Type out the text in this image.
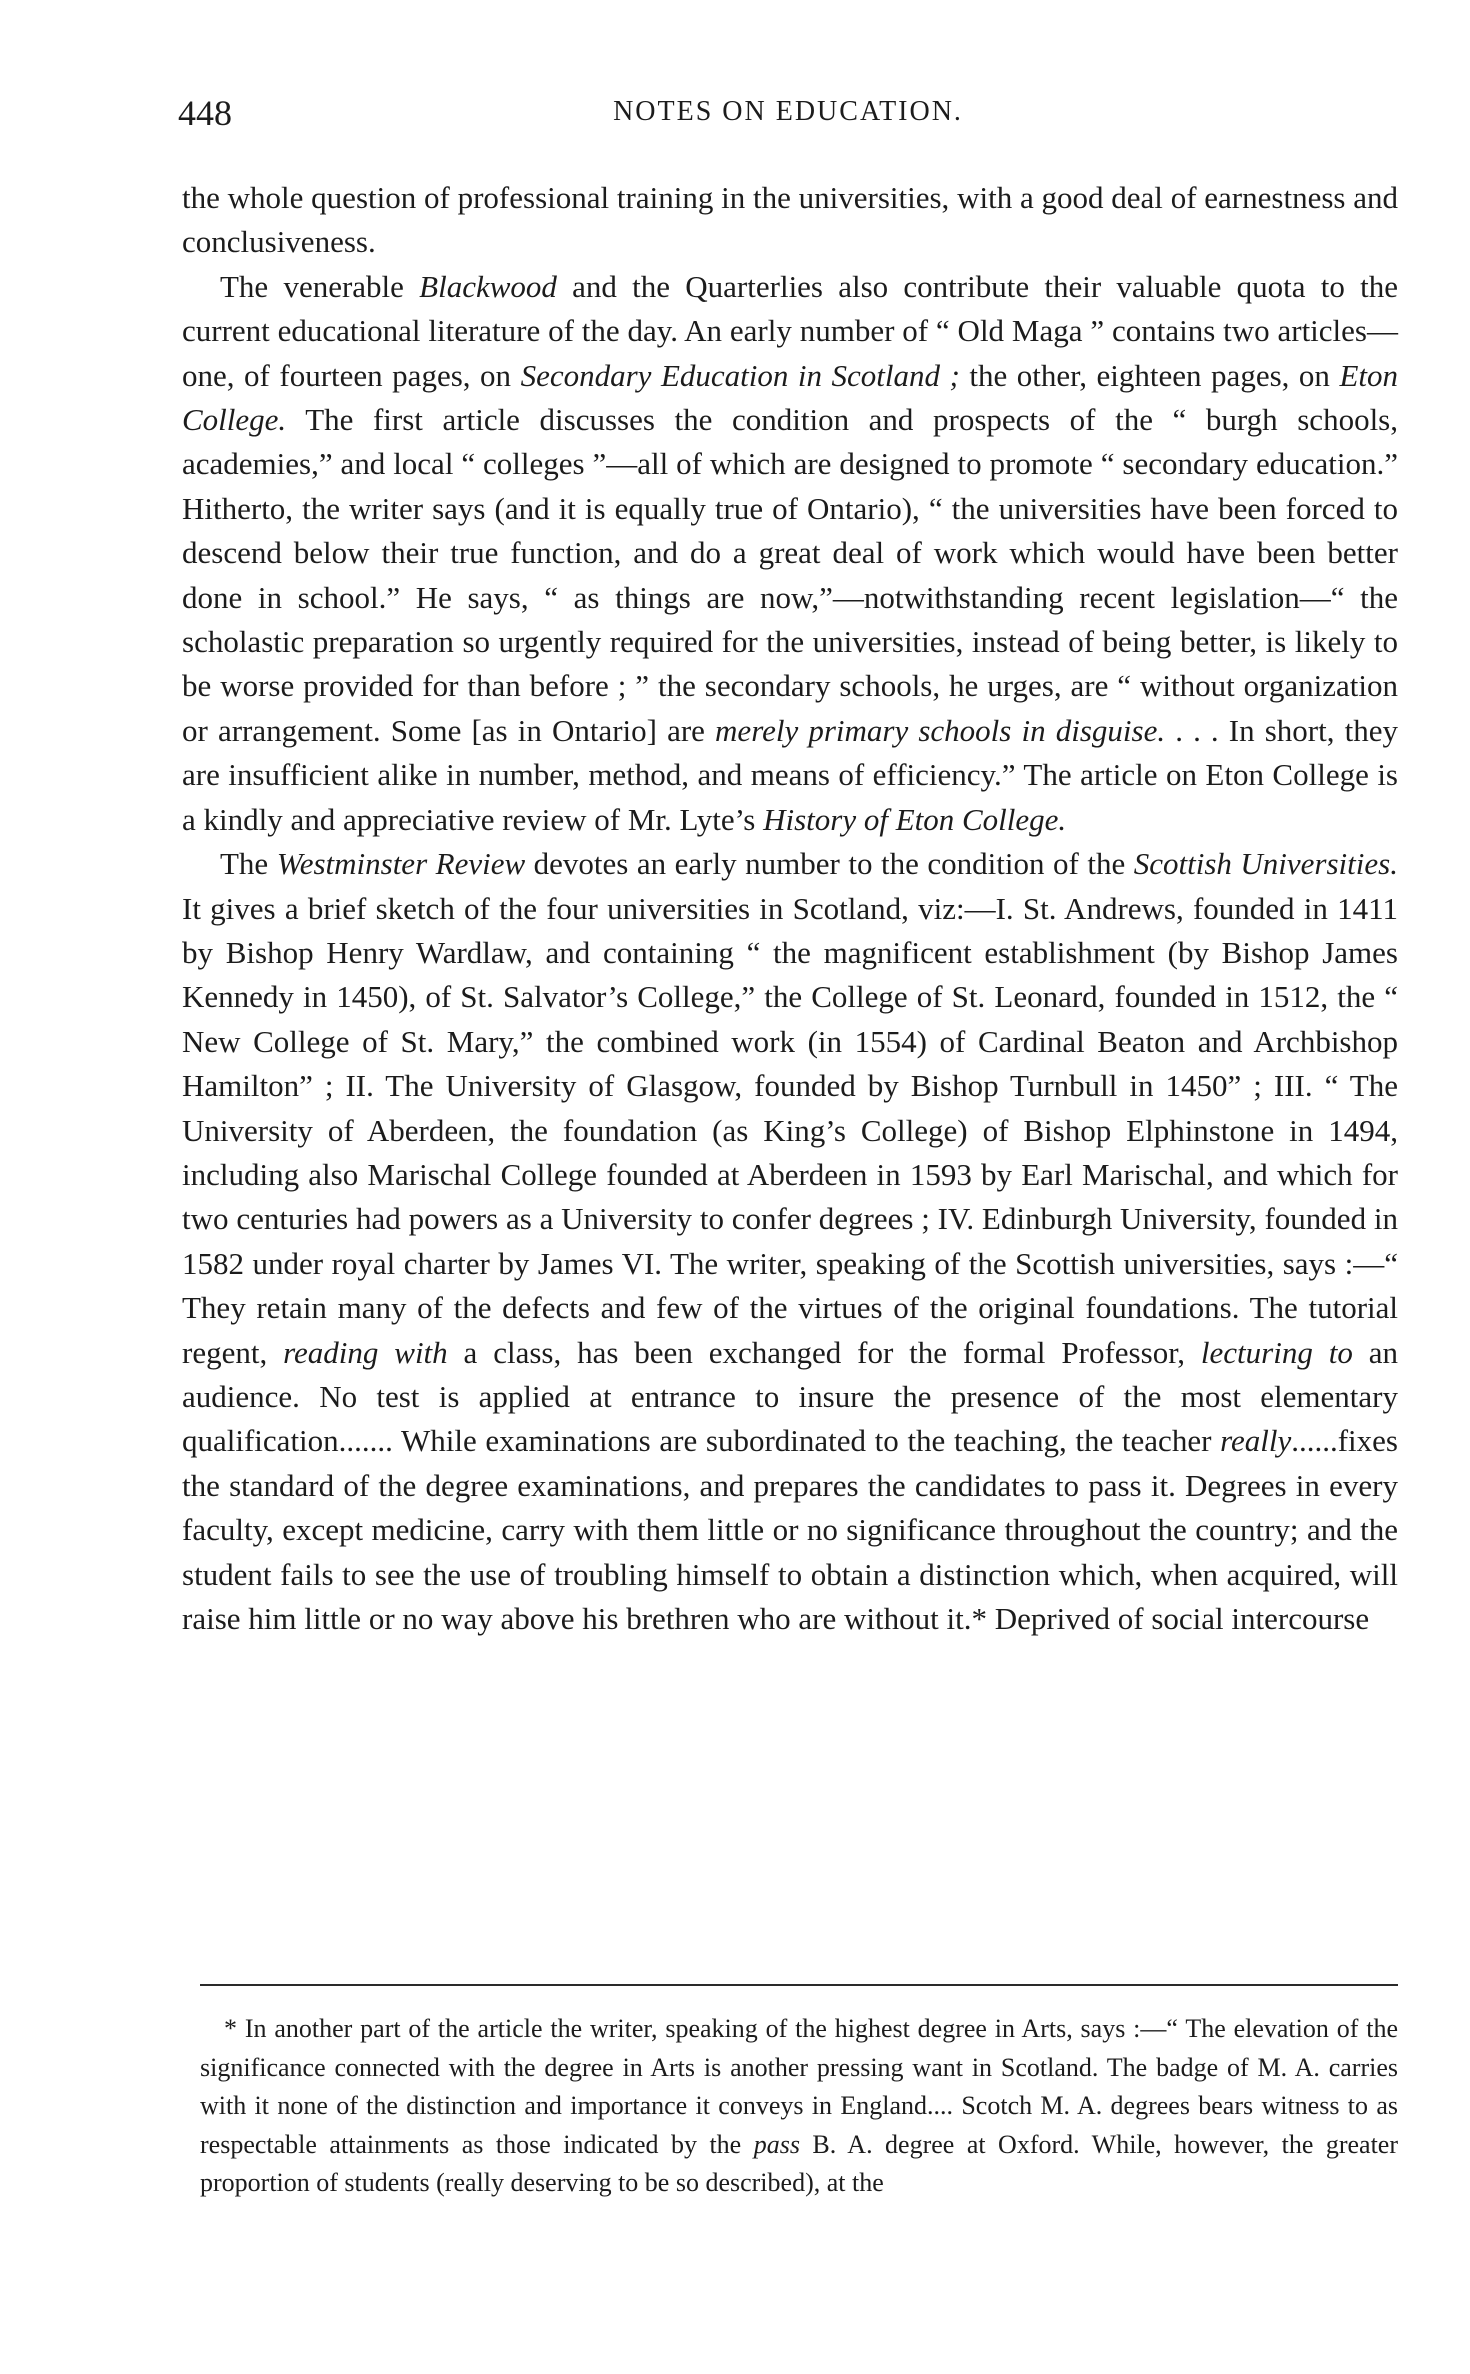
448	NOTES ON EDUCATION.

the whole question of professional training in the universities, with a good deal of earnestness and conclusiveness.

The venerable Blackwood and the Quarterlies also contribute their valuable quota to the current educational literature of the day. An early number of “ Old Maga ” contains two articles—one, of fourteen pages, on Secondary Education in Scotland ; the other, eighteen pages, on Eton College. The first article discusses the condition and prospects of the “ burgh schools, academies,” and local “ colleges ”—all of which are designed to promote “ secondary education.” Hitherto, the writer says (and it is equally true of Ontario), “ the universities have been forced to descend below their true function, and do a great deal of work which would have been better done in school.” He says, “ as things are now,”—notwithstanding recent legislation—“ the scholastic preparation so urgently required for the universities, instead of being better, is likely to be worse provided for than before ; ” the secondary schools, he urges, are “ without organization or arrangement. Some [as in Ontario] are merely primary schools in disguise. . . . In short, they are insufficient alike in number, method, and means of efficiency.” The article on Eton College is a kindly and appreciative review of Mr. Lyte’s History of Eton College.

The Westminster Review devotes an early number to the condition of the Scottish Universities. It gives a brief sketch of the four universities in Scotland, viz:—I. St. Andrews, founded in 1411 by Bishop Henry Wardlaw, and containing “ the magnificent establishment (by Bishop James Kennedy in 1450), of St. Salvator’s College,” the College of St. Leonard, founded in 1512, the “ New College of St. Mary,” the combined work (in 1554) of Cardinal Beaton and Archbishop Hamilton” ; II. The University of Glasgow, founded by Bishop Turnbull in 1450” ; III. “ The University of Aberdeen, the foundation (as King’s College) of Bishop Elphinstone in 1494, including also Marischal College founded at Aberdeen in 1593 by Earl Marischal, and which for two centuries had powers as a University to confer degrees ; IV. Edinburgh University, founded in 1582 under royal charter by James VI. The writer, speaking of the Scottish universities, says :—“ They retain many of the defects and few of the virtues of the original foundations. The tutorial regent, reading with a class, has been exchanged for the formal Professor, lecturing to an audience. No test is applied at entrance to insure the presence of the most elementary qualification....... While examinations are subordinated to the teaching, the teacher really......fixes the standard of the degree examinations, and prepares the candidates to pass it. Degrees in every faculty, except medicine, carry with them little or no significance throughout the country; and the student fails to see the use of troubling himself to obtain a distinction which, when acquired, will raise him little or no way above his brethren who are without it.* Deprived of social intercourse

* In another part of the article the writer, speaking of the highest degree in Arts, says :—“ The elevation of the significance connected with the degree in Arts is another pressing want in Scotland. The badge of M. A. carries with it none of the distinction and importance it conveys in England.... Scotch M. A. degrees bears witness to as respectable attainments as those indicated by the pass B. A. degree at Oxford. While, however, the greater proportion of students (really deserving to be so described), at the
